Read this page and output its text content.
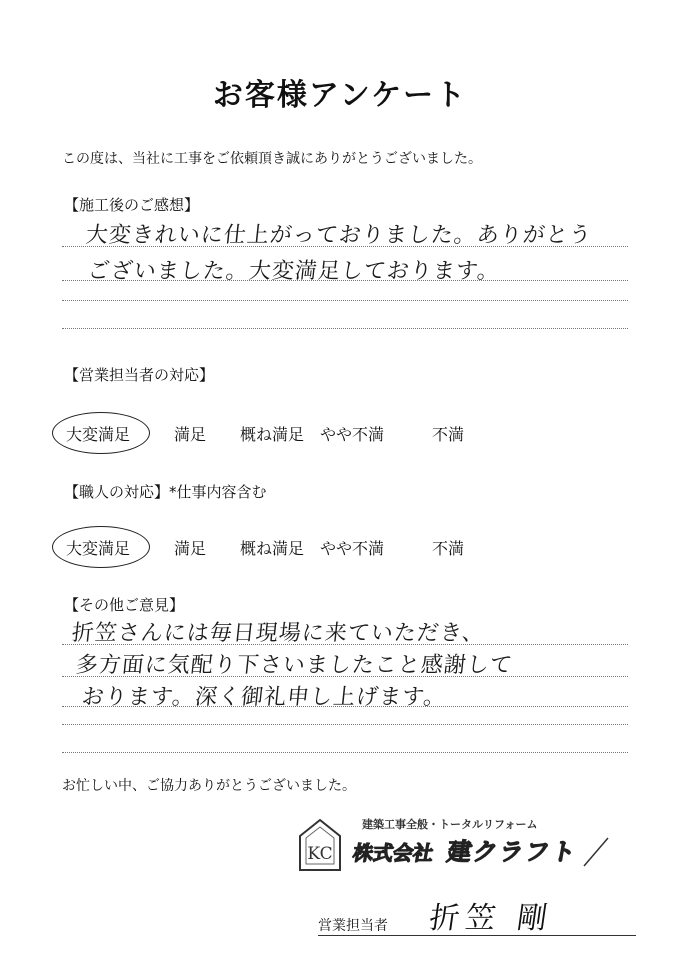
お客様アンケート
この度は、当社に工事をご依頼頂き誠にありがとうございました。
【施工後のご感想】
大変きれいに仕上がっておりました。ありがとう
ございました。大変満足しております。
【営業担当者の対応】
大変満足	満足 概ね満足 やや不満	不満
【職人の対応】*仕事内容含む
大変満足	満足 概ね満足 やや不満	不満
【その他ご意見】
折笠さんには毎日現場に来ていただき、
多方面に気配り下さいましたこと感謝して
おります。深く御礼申し上げます。
お忙しい中、ご協力ありがとうございました。
KC
建築工事全般・トータルリフォーム
株式会社 建クラフト
営業担当者 折笠 剛
